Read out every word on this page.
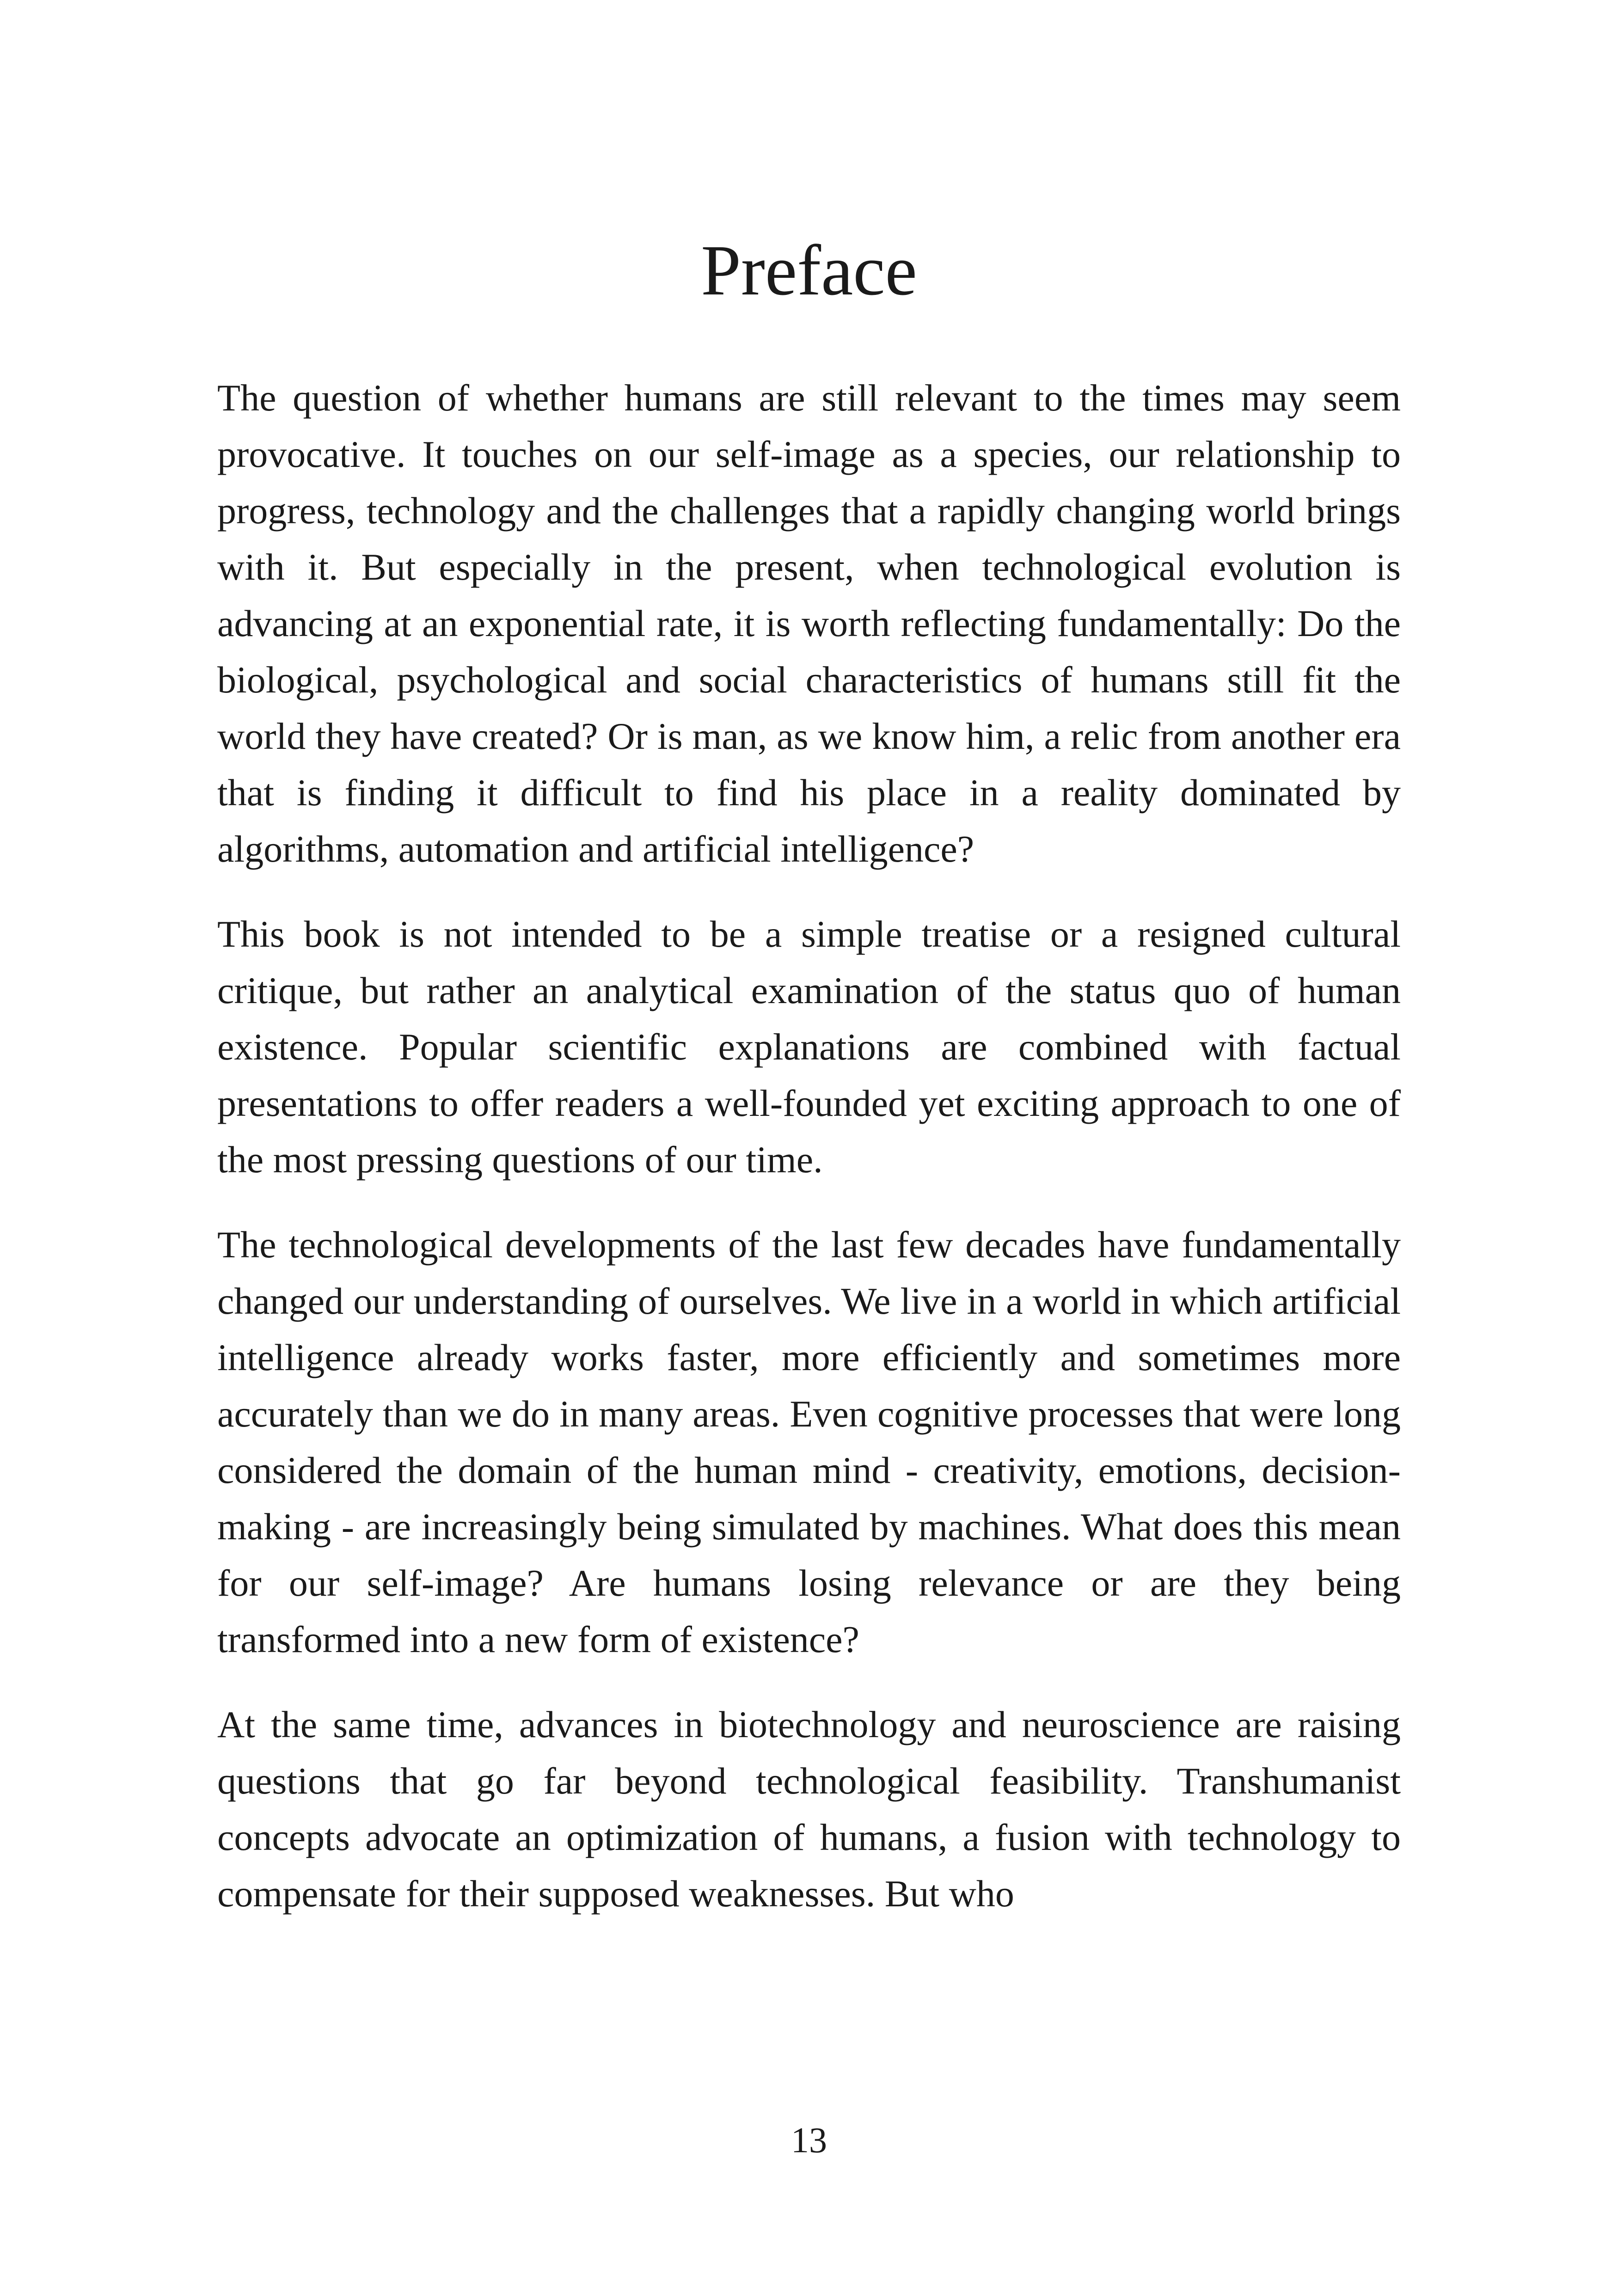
Preface

The question of whether humans are still relevant to the times may seem provocative. It touches on our self-image as a species, our relationship to progress, technology and the challenges that a rapidly changing world brings with it. But especially in the present, when technological evolution is advancing at an exponential rate, it is worth reflecting fundamentally: Do the biological, psychological and social characteristics of humans still fit the world they have created? Or is man, as we know him, a relic from another era that is finding it difficult to find his place in a reality dominated by algorithms, automation and artificial intelligence?

This book is not intended to be a simple treatise or a resigned cultural critique, but rather an analytical examination of the status quo of human existence. Popular scientific explanations are combined with factual presentations to offer readers a well-founded yet exciting approach to one of the most pressing questions of our time.

The technological developments of the last few decades have fundamentally changed our understanding of ourselves. We live in a world in which artificial intelligence already works faster, more efficiently and sometimes more accurately than we do in many areas. Even cognitive processes that were long considered the domain of the human mind - creativity, emotions, decision-making - are increasingly being simulated by machines. What does this mean for our self-image? Are humans losing relevance or are they being transformed into a new form of existence?

At the same time, advances in biotechnology and neuroscience are raising questions that go far beyond technological feasibility. Transhumanist concepts advocate an optimization of humans, a fusion with technology to compensate for their supposed weaknesses. But who

13
